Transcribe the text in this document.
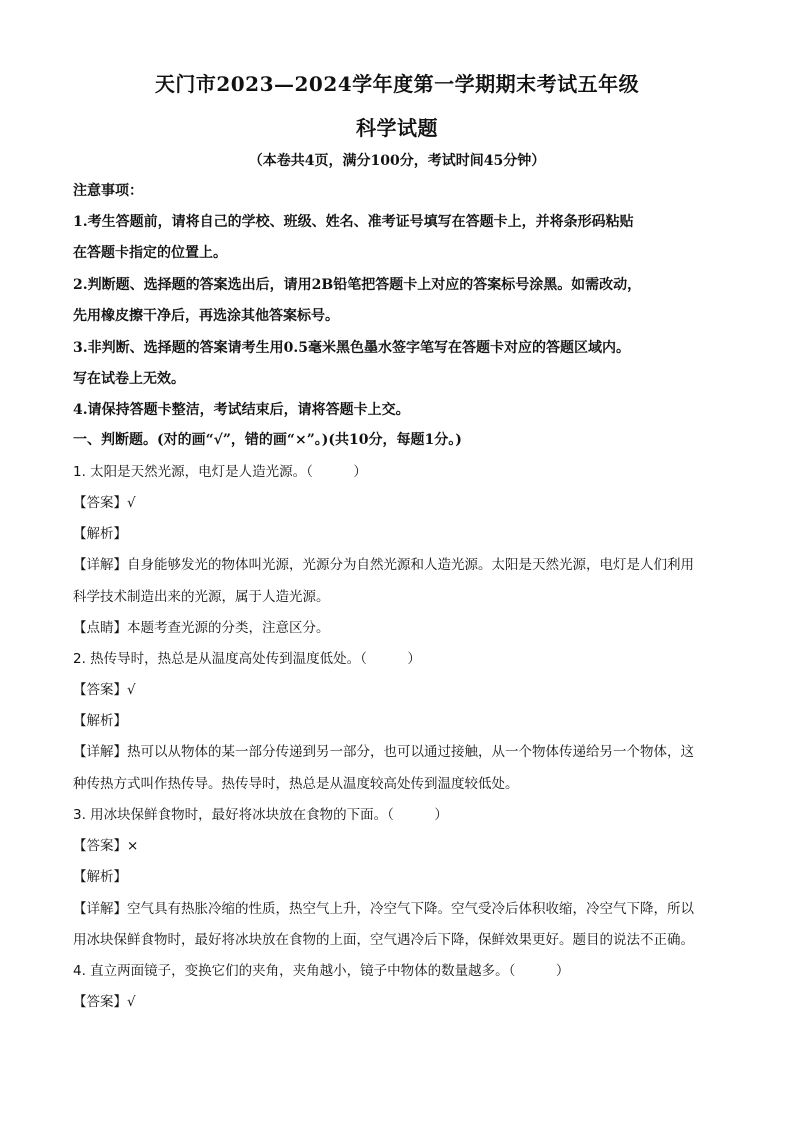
天门市2023—2024学年度第一学期期末考试五年级
科学试题
（本卷共4页，满分100分，考试时间45分钟）
注意事项：
1.考生答题前，请将自己的学校、班级、姓名、准考证号填写在答题卡上，并将条形码粘贴
在答题卡指定的位置上。
2.判断题、选择题的答案选出后，请用2B铅笔把答题卡上对应的答案标号涂黑。如需改动，
先用橡皮擦干净后，再选涂其他答案标号。
3.非判断、选择题的答案请考生用0.5毫米黑色墨水签字笔写在答题卡对应的答题区域内。
写在试卷上无效。
4.请保持答题卡整洁，考试结束后，请将答题卡上交。
一、判断题。(对的画“√”，错的画“×”。)(共10分，每题1分。)
1. 太阳是天然光源，电灯是人造光源。（　　　）
【答案】√
【解析】
【详解】自身能够发光的物体叫光源，光源分为自然光源和人造光源。太阳是天然光源，电灯是人们利用
科学技术制造出来的光源，属于人造光源。
【点睛】本题考查光源的分类，注意区分。
2. 热传导时，热总是从温度高处传到温度低处。（　　　）
【答案】√
【解析】
【详解】热可以从物体的某一部分传递到另一部分，也可以通过接触，从一个物体传递给另一个物体，这
种传热方式叫作热传导。热传导时，热总是从温度较高处传到温度较低处。
3. 用冰块保鲜食物时，最好将冰块放在食物的下面。（　　　）
【答案】×
【解析】
【详解】空气具有热胀冷缩的性质，热空气上升，冷空气下降。空气受冷后体积收缩，冷空气下降，所以
用冰块保鲜食物时，最好将冰块放在食物的上面，空气遇冷后下降，保鲜效果更好。题目的说法不正确。
4. 直立两面镜子，变换它们的夹角，夹角越小，镜子中物体的数量越多。（　　　）
【答案】√
